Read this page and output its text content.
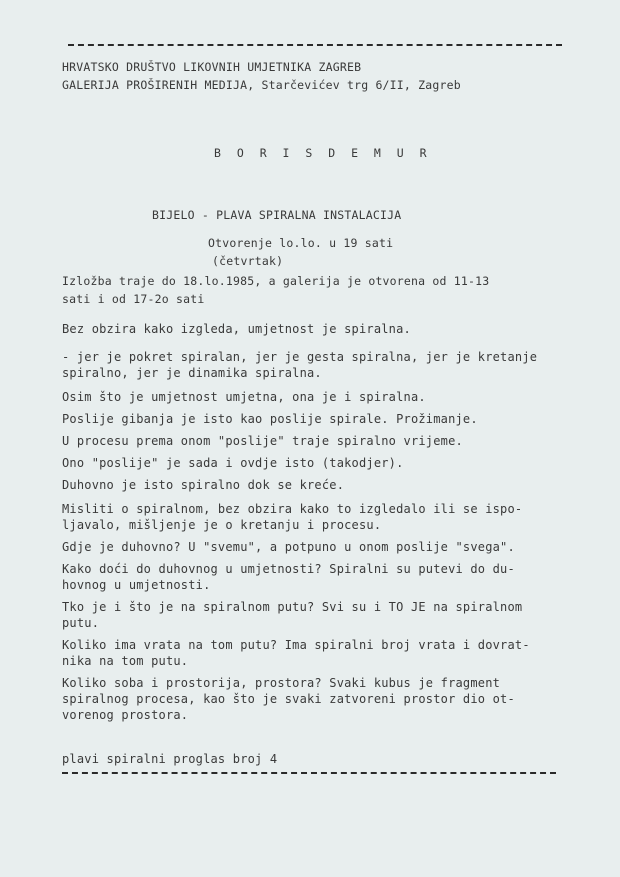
HRVATSKO DRUŠTVO LIKOVNIH UMJETNIKA ZAGREB
GALERIJA PROŠIRENIH MEDIJA, Starčevićev trg 6/II, Zagreb
B O R I S D E M U R
BIJELO - PLAVA SPIRALNA INSTALACIJA
Otvorenje lo.lo. u 19 sati
(četvrtak)
Izložba traje do 18.lo.1985, a galerija je otvorena od 11-13
sati i od 17-2o sati
Bez obzira kako izgleda, umjetnost je spiralna.
- jer je pokret spiralan, jer je gesta spiralna, jer je kretanje
spiralno, jer je dinamika spiralna.
Osim što je umjetnost umjetna, ona je i spiralna.
Poslije gibanja je isto kao poslije spirale. Prožimanje.
U procesu prema onom "poslije" traje spiralno vrijeme.
Ono "poslije" je sada i ovdje isto (takodjer).
Duhovno je isto spiralno dok se kreće.
Misliti o spiralnom, bez obzira kako to izgledalo ili se ispo-
ljavalo, mišljenje je o kretanju i procesu.
Gdje je duhovno? U "svemu", a potpuno u onom poslije "svega".
Kako doći do duhovnog u umjetnosti? Spiralni su putevi do du-
hovnog u umjetnosti.
Tko je i što je na spiralnom putu? Svi su i TO JE na spiralnom
putu.
Koliko ima vrata na tom putu? Ima spiralni broj vrata i dovrat-
nika na tom putu.
Koliko soba i prostorija, prostora? Svaki kubus je fragment
spiralnog procesa, kao što je svaki zatvoreni prostor dio ot-
vorenog prostora.
plavi spiralni proglas broj 4
